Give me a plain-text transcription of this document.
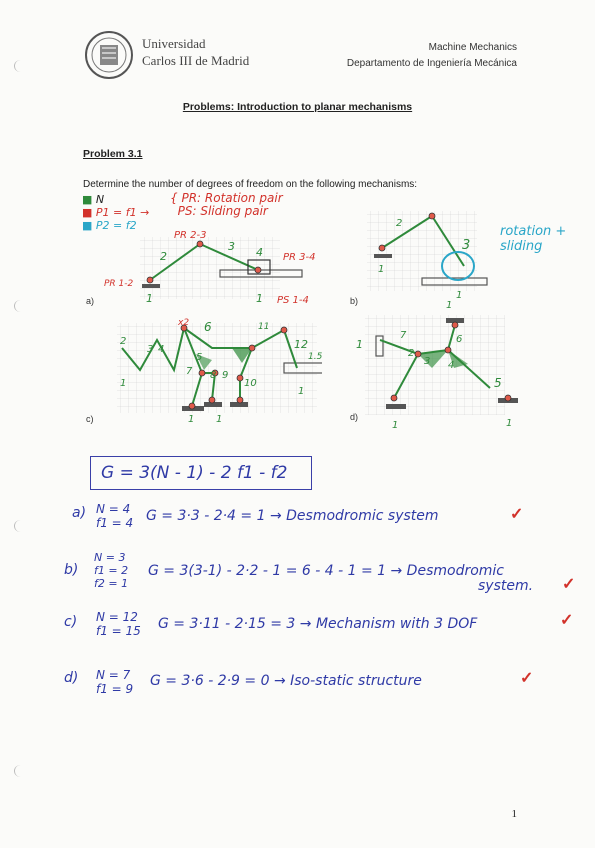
Universidad
Carlos III de Madrid
Machine Mechanics
Departamento de Ingeniería Mecánica
Problems: Introduction to planar mechanisms
Problem 3.1
Determine the number of degrees of freedom on the following mechanisms:
■ N
■ P1 = f1 →
■ P2 = f2
{ PR: Rotation pair
PS: Sliding pair
PR 2-3
PR 3-4
PR 1-2
PS 1-4
2
3 4
1	1
a)
2
3
1
1
rotation + sliding
b)
2
3 4
x2 6
5
7 8 9
10
11
12
1.5
1
1 1
1
c)
1
7
2
3 4
6
5
1
1	1
d)
G = 3(N - 1) - 2 f1 - f2
a) N = 4
f1 = 4 G = 3·3 - 2·4 = 1 → Desmodromic system	✓
b)
N = 3
f1 = 2
f2 = 1
G = 3(3-1) - 2·2 - 1 = 6 - 4 - 1 = 1 → Desmodromic
system. ✓
c) N = 12
f1 = 15 G = 3·11 - 2·15 = 3 → Mechanism with 3 DOF	✓
d) N = 7
f1 = 9 G = 3·6 - 2·9 = 0 → Iso-static structure	✓
1
